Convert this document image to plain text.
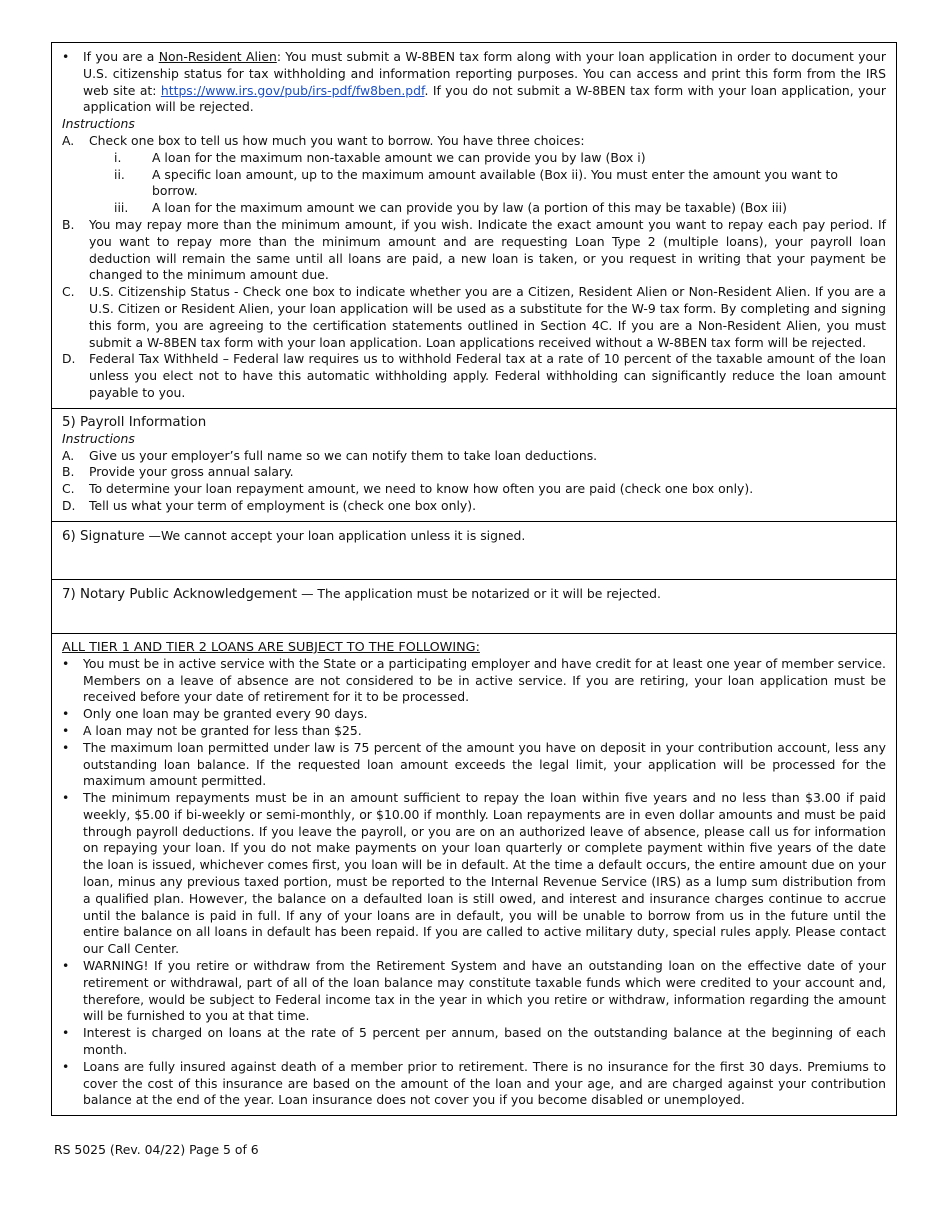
•	If you are a Non-Resident Alien: You must submit a W-8BEN tax form along with your loan application in order to document your U.S. citizenship status for tax withholding and information reporting purposes. You can access and print this form from the IRS web site at: https://www.irs.gov/pub/irs-pdf/fw8ben.pdf. If you do not submit a W-8BEN tax form with your loan application, your application will be rejected.
Instructions
A.	Check one box to tell us how much you want to borrow. You have three choices:
i.	A loan for the maximum non-taxable amount we can provide you by law (Box i)
ii.	A specific loan amount, up to the maximum amount available (Box ii). You must enter the amount you want to borrow.
iii.	A loan for the maximum amount we can provide you by law (a portion of this may be taxable) (Box iii)
B.	You may repay more than the minimum amount, if you wish. Indicate the exact amount you want to repay each pay period. If you want to repay more than the minimum amount and are requesting Loan Type 2 (multiple loans), your payroll loan deduction will remain the same until all loans are paid, a new loan is taken, or you request in writing that your payment be changed to the minimum amount due.
C.	U.S. Citizenship Status - Check one box to indicate whether you are a Citizen, Resident Alien or Non-Resident Alien. If you are a U.S. Citizen or Resident Alien, your loan application will be used as a substitute for the W-9 tax form. By completing and signing this form, you are agreeing to the certification statements outlined in Section 4C. If you are a Non-Resident Alien, you must submit a W-8BEN tax form with your loan application. Loan applications received without a W-8BEN tax form will be rejected.
D.	Federal Tax Withheld – Federal law requires us to withhold Federal tax at a rate of 10 percent of the taxable amount of the loan unless you elect not to have this automatic withholding apply. Federal withholding can significantly reduce the loan amount payable to you.
5) Payroll Information
Instructions
A.	Give us your employer’s full name so we can notify them to take loan deductions.
B.	Provide your gross annual salary.
C.	To determine your loan repayment amount, we need to know how often you are paid (check one box only).
D.	Tell us what your term of employment is (check one box only).
6) Signature —We cannot accept your loan application unless it is signed.
7) Notary Public Acknowledgement — The application must be notarized or it will be rejected.
ALL TIER 1 AND TIER 2 LOANS ARE SUBJECT TO THE FOLLOWING:
•	You must be in active service with the State or a participating employer and have credit for at least one year of member service. Members on a leave of absence are not considered to be in active service. If you are retiring, your loan application must be received before your date of retirement for it to be processed.
•	Only one loan may be granted every 90 days.
•	A loan may not be granted for less than $25.
•	The maximum loan permitted under law is 75 percent of the amount you have on deposit in your contribution account, less any outstanding loan balance. If the requested loan amount exceeds the legal limit, your application will be processed for the maximum amount permitted.
•	The minimum repayments must be in an amount sufficient to repay the loan within five years and no less than $3.00 if paid weekly, $5.00 if bi-weekly or semi-monthly, or $10.00 if monthly. Loan repayments are in even dollar amounts and must be paid through payroll deductions. If you leave the payroll, or you are on an authorized leave of absence, please call us for information on repaying your loan. If you do not make payments on your loan quarterly or complete payment within five years of the date the loan is issued, whichever comes first, you loan will be in default. At the time a default occurs, the entire amount due on your loan, minus any previous taxed portion, must be reported to the Internal Revenue Service (IRS) as a lump sum distribution from a qualified plan. However, the balance on a defaulted loan is still owed, and interest and insurance charges continue to accrue until the balance is paid in full. If any of your loans are in default, you will be unable to borrow from us in the future until the entire balance on all loans in default has been repaid. If you are called to active military duty, special rules apply. Please contact our Call Center.
•	WARNING! If you retire or withdraw from the Retirement System and have an outstanding loan on the effective date of your retirement or withdrawal, part of all of the loan balance may constitute taxable funds which were credited to your account and, therefore, would be subject to Federal income tax in the year in which you retire or withdraw, information regarding the amount will be furnished to you at that time.
•	Interest is charged on loans at the rate of 5 percent per annum, based on the outstanding balance at the beginning of each month.
•	Loans are fully insured against death of a member prior to retirement. There is no insurance for the first 30 days. Premiums to cover the cost of this insurance are based on the amount of the loan and your age, and are charged against your contribution balance at the end of the year. Loan insurance does not cover you if you become disabled or unemployed.
RS 5025 (Rev. 04/22) Page 5 of 6
